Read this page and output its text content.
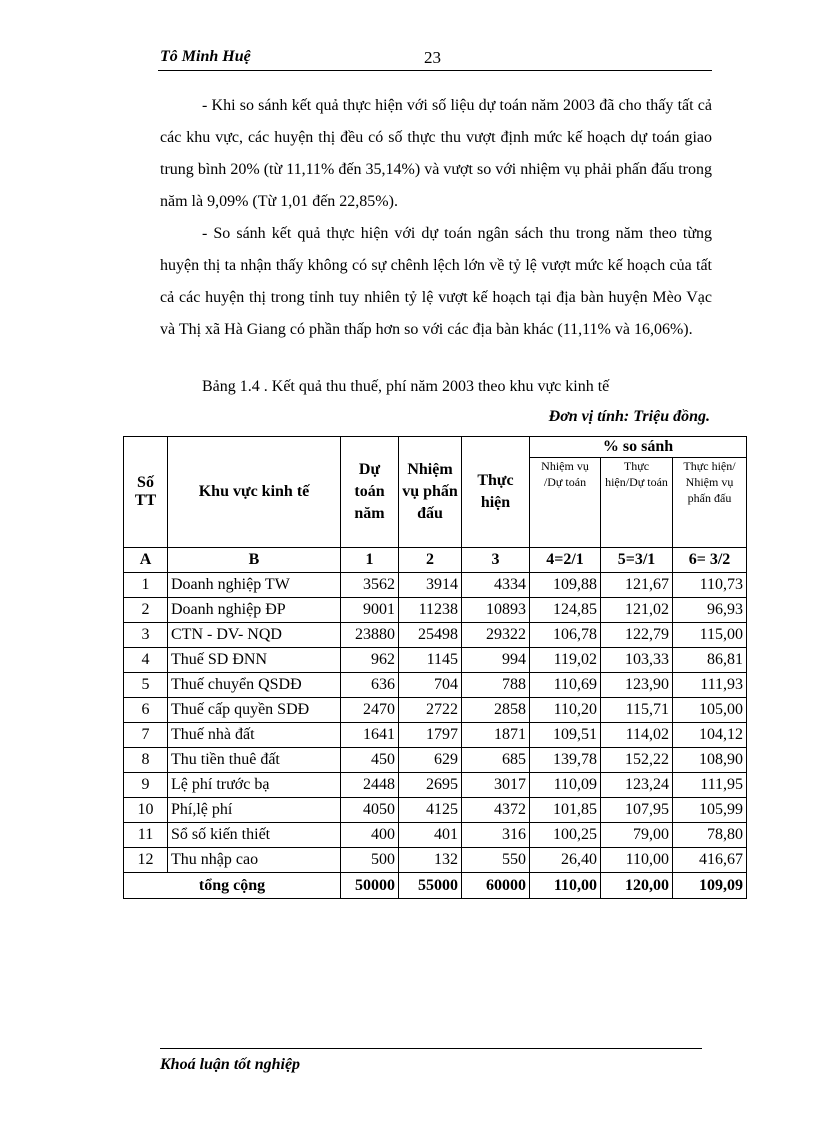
Tô Minh Huệ	23

- Khi so sánh kết quả thực hiện với số liệu dự toán năm 2003 đã cho thấy tất cả các khu vực, các huyện thị đều có số thực thu vượt định mức kế hoạch dự toán giao trung bình 20% (từ 11,11% đến 35,14%) và vượt so với nhiệm vụ phải phấn đấu trong năm là 9,09% (Từ 1,01 đến 22,85%).

- So sánh kết quả thực hiện với dự toán ngân sách thu trong năm theo từng huyện thị ta nhận thấy không có sự chênh lệch lớn về tỷ lệ vượt mức kế hoạch của tất cả các huyện thị trong tỉnh tuy nhiên tỷ lệ vượt kế hoạch tại địa bàn huyện Mèo Vạc và Thị xã Hà Giang có phần thấp hơn so với các địa bàn khác (11,11% và 16,06%).

Bảng 1.4 . Kết quả thu thuế, phí năm 2003 theo khu vực kinh tế

Đơn vị tính: Triệu đồng.

Số TT	Khu vực kinh tế	Dự toán năm	Nhiệm vụ phấn đấu	Thực hiện	% so sánh		
					Nhiệm vụ /Dự toán	Thực hiện/Dự toán	Thực hiện/ Nhiệm vụ phấn đấu
A	B	1	2	3	4=2/1	5=3/1	6= 3/2
1	Doanh nghiệp TW	3562	3914	4334	109,88	121,67	110,73
2	Doanh nghiệp ĐP	9001	11238	10893	124,85	121,02	96,93
3	CTN - DV- NQD	23880	25498	29322	106,78	122,79	115,00
4	Thuế SD ĐNN	962	1145	994	119,02	103,33	86,81
5	Thuế chuyển QSDĐ	636	704	788	110,69	123,90	111,93
6	Thuế cấp quyền SDĐ	2470	2722	2858	110,20	115,71	105,00
7	Thuế nhà đất	1641	1797	1871	109,51	114,02	104,12
8	Thu tiền thuê đất	450	629	685	139,78	152,22	108,90
9	Lệ phí trước bạ	2448	2695	3017	110,09	123,24	111,95
10	Phí,lệ phí	4050	4125	4372	101,85	107,95	105,99
11	Sổ số kiến thiết	400	401	316	100,25	79,00	78,80
12	Thu nhập cao	500	132	550	26,40	110,00	416,67
tổng cộng		50000	55000	60000	110,00	120,00	109,09
Khoá luận tốt nghiệp
